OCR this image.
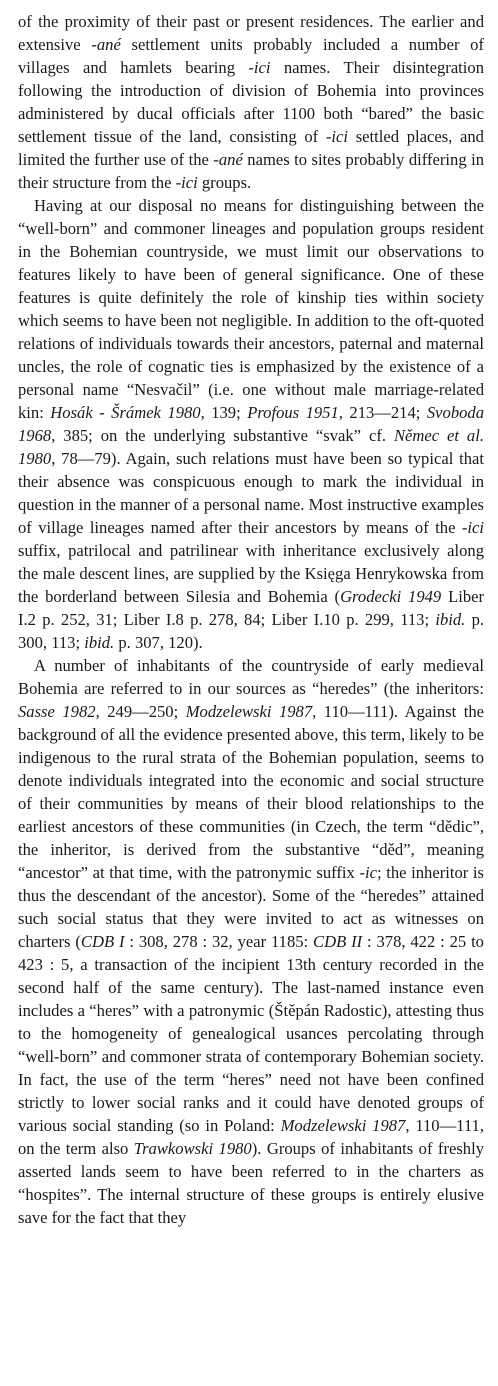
of the proximity of their past or present residences. The earlier and extensive -ané settlement units probably included a number of villages and hamlets bearing -ici names. Their disintegration following the introduction of division of Bohemia into provinces administered by ducal officials after 1100 both “bared” the basic settlement tissue of the land, consisting of -ici settled places, and limited the further use of the -ané names to sites probably differing in their structure from the -ici groups.

Having at our disposal no means for distinguishing between the “well-born” and commoner lineages and population groups resident in the Bohemian countryside, we must limit our observations to features likely to have been of general significance. One of these features is quite definitely the role of kinship ties within society which seems to have been not negligible. In addition to the oft-quoted relations of individuals towards their ancestors, paternal and maternal uncles, the role of cognatic ties is emphasized by the existence of a personal name “Nesvačil” (i.e. one without male marriage-related kin: Hosák - Šrámek 1980, 139; Profous 1951, 213—214; Svoboda 1968, 385; on the underlying substantive “svak” cf. Němec et al. 1980, 78—79). Again, such relations must have been so typical that their absence was conspicuous enough to mark the individual in question in the manner of a personal name. Most instructive examples of village lineages named after their ancestors by means of the -ici suffix, patrilocal and patrilinear with inheritance exclusively along the male descent lines, are supplied by the Księga Henrykowska from the borderland between Silesia and Bohemia (Grodecki 1949 Liber I.2 p. 252, 31; Liber I.8 p. 278, 84; Liber I.10 p. 299, 113; ibid. p. 300, 113; ibid. p. 307, 120).

A number of inhabitants of the countryside of early medieval Bohemia are referred to in our sources as “heredes” (the inheritors: Sasse 1982, 249—250; Modzelewski 1987, 110—111). Against the background of all the evidence presented above, this term, likely to be indigenous to the rural strata of the Bohemian population, seems to denote individuals integrated into the economic and social structure of their communities by means of their blood relationships to the earliest ancestors of these communities (in Czech, the term “dědic”, the inheritor, is derived from the substantive “děd”, meaning “ancestor” at that time, with the patronymic suffix -ic; the inheritor is thus the descendant of the ancestor). Some of the “heredes” attained such social status that they were invited to act as witnesses on charters (CDB I : 308, 278 : 32, year 1185: CDB II : 378, 422 : 25 to 423 : 5, a transaction of the incipient 13th century recorded in the second half of the same century). The last-named instance even includes a “heres” with a patronymic (Štěpán Radostic), attesting thus to the homogeneity of genealogical usances percolating through “well-born” and commoner strata of contemporary Bohemian society. In fact, the use of the term “heres” need not have been confined strictly to lower social ranks and it could have denoted groups of various social standing (so in Poland: Modzelewski 1987, 110—111, on the term also Trawkowski 1980). Groups of inhabitants of freshly asserted lands seem to have been referred to in the charters as “hospites”. The internal structure of these groups is entirely elusive save for the fact that they
